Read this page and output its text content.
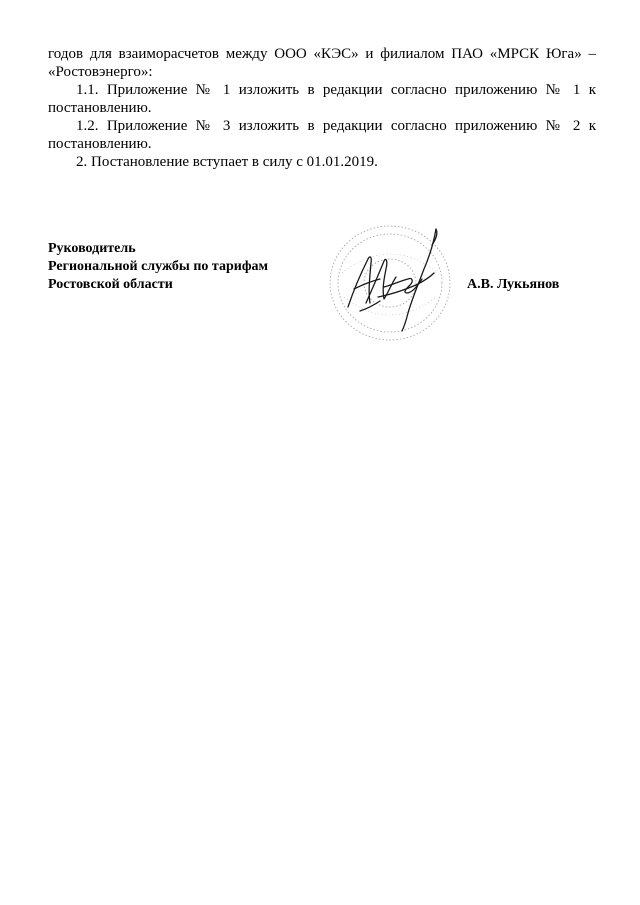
годов для взаиморасчетов между ООО «КЭС» и филиалом ПАО «МРСК Юга» – «Ростовэнерго»:

1.1. Приложение № 1 изложить в редакции согласно приложению № 1 к постановлению.

1.2. Приложение № 3 изложить в редакции согласно приложению № 2 к постановлению.

2. Постановление вступает в силу с 01.01.2019.

Руководитель

Региональной службы по тарифам

Ростовской области	А.В. Лукьянов
